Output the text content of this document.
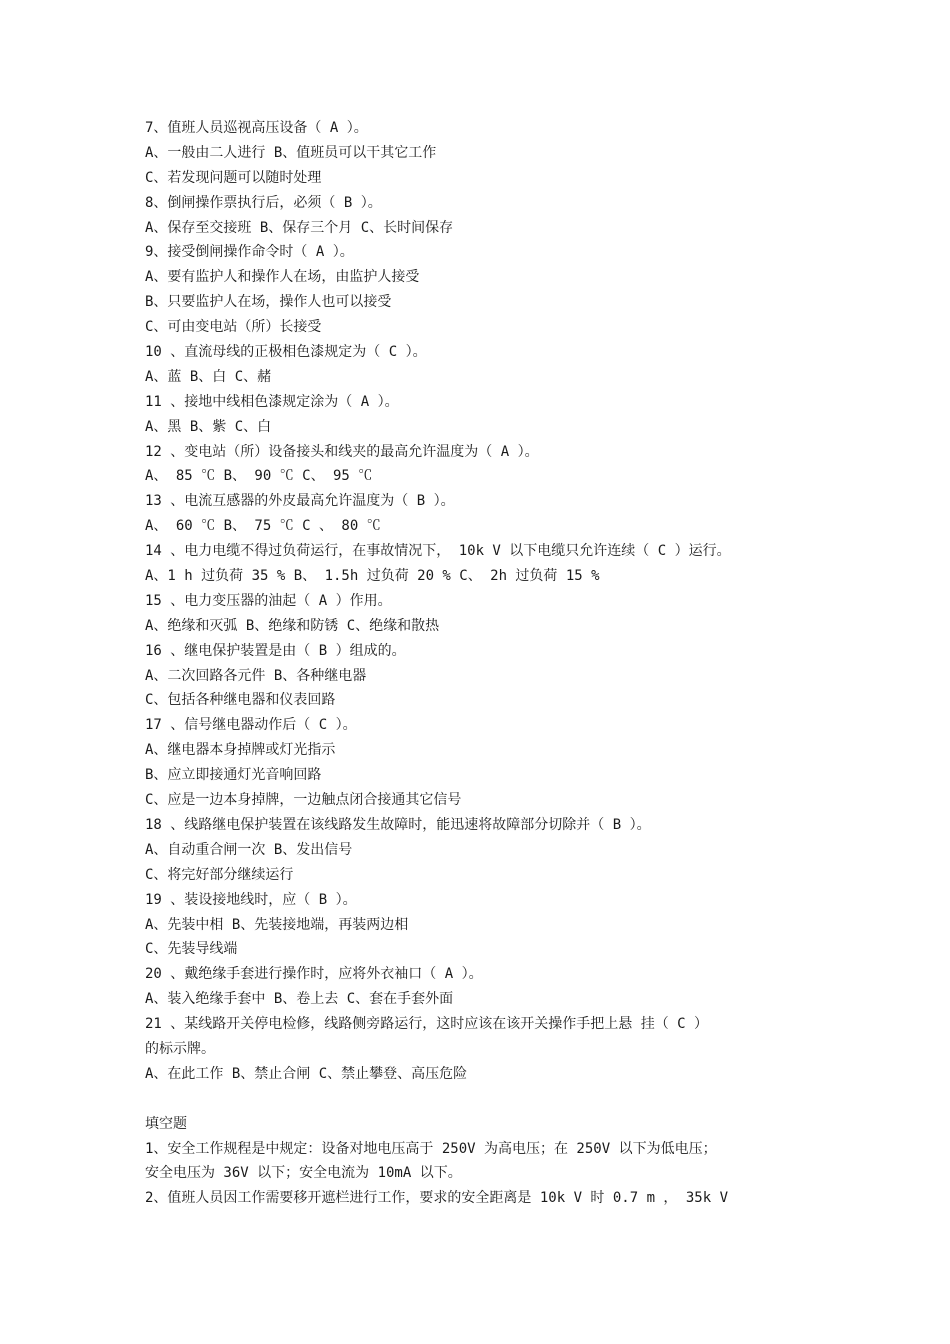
7、值班人员巡视高压设备（ A ）。
A、一般由二人进行 B、值班员可以干其它工作
C、若发现问题可以随时处理
8、倒闸操作票执行后，必须（ B ）。
A、保存至交接班 B、保存三个月 C、长时间保存
9、接受倒闸操作命令时（ A ）。
A、要有监护人和操作人在场，由监护人接受
B、只要监护人在场，操作人也可以接受
C、可由变电站（所）长接受
10 、直流母线的正极相色漆规定为（ C ）。
A、蓝 B、白 C、赭
11 、接地中线相色漆规定涂为（ A ）。
A、黑 B、紫 C、白
12 、变电站（所）设备接头和线夹的最高允许温度为（ A ）。
A、 85 ℃ B、 90 ℃ C、 95 ℃
13 、电流互感器的外皮最高允许温度为（ B ）。
A、 60 ℃ B、 75 ℃ C 、 80 ℃
14 、电力电缆不得过负荷运行，在事故情况下， 10k V 以下电缆只允许连续（ C ）运行。
A、1 h 过负荷 35 % B、 1.5h 过负荷 20 % C、 2h 过负荷 15 %
15 、电力变压器的油起（ A ）作用。
A、绝缘和灭弧 B、绝缘和防锈 C、绝缘和散热
16 、继电保护装置是由（ B ）组成的。
A、二次回路各元件 B、各种继电器
C、包括各种继电器和仪表回路
17 、信号继电器动作后（ C ）。
A、继电器本身掉牌或灯光指示
B、应立即接通灯光音响回路
C、应是一边本身掉牌，一边触点闭合接通其它信号
18 、线路继电保护装置在该线路发生故障时，能迅速将故障部分切除并（ B ）。
A、自动重合闸一次 B、发出信号
C、将完好部分继续运行
19 、装设接地线时，应（ B ）。
A、先装中相 B、先装接地端，再装两边相
C、先装导线端
20 、戴绝缘手套进行操作时，应将外衣袖口（ A ）。
A、装入绝缘手套中 B、卷上去 C、套在手套外面
21 、某线路开关停电检修，线路侧旁路运行，这时应该在该开关操作手把上悬 挂（ C ）
的标示牌。
A、在此工作 B、禁止合闸 C、禁止攀登、高压危险
填空题
1、安全工作规程是中规定：设备对地电压高于 250V 为高电压；在 250V 以下为低电压；
安全电压为 36V 以下；安全电流为 10mA 以下。
2、值班人员因工作需要移开遮栏进行工作，要求的安全距离是 10k V 时 0.7 m ， 35k V
